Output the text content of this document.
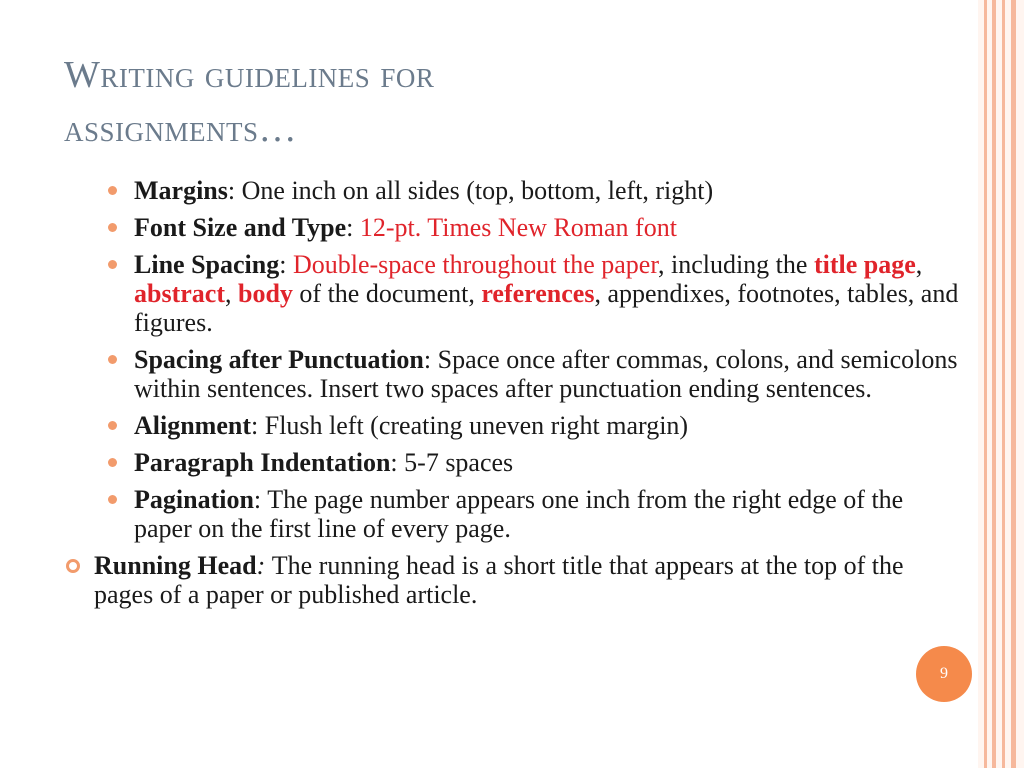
Writing guidelines for
assignments…
Margins: One inch on all sides (top, bottom, left, right)
Font Size and Type: 12-pt. Times New Roman font
Line Spacing: Double-space throughout the paper, including the title page, abstract, body of the document, references, appendixes, footnotes, tables, and figures.
Spacing after Punctuation: Space once after commas, colons, and semicolons within sentences. Insert two spaces after punctuation ending sentences.
Alignment: Flush left (creating uneven right margin)
Paragraph Indentation: 5-7 spaces
Pagination: The page number appears one inch from the right edge of the paper on the first line of every page.
Running Head: The running head is a short title that appears at the top of the pages of a paper or published article.
9
